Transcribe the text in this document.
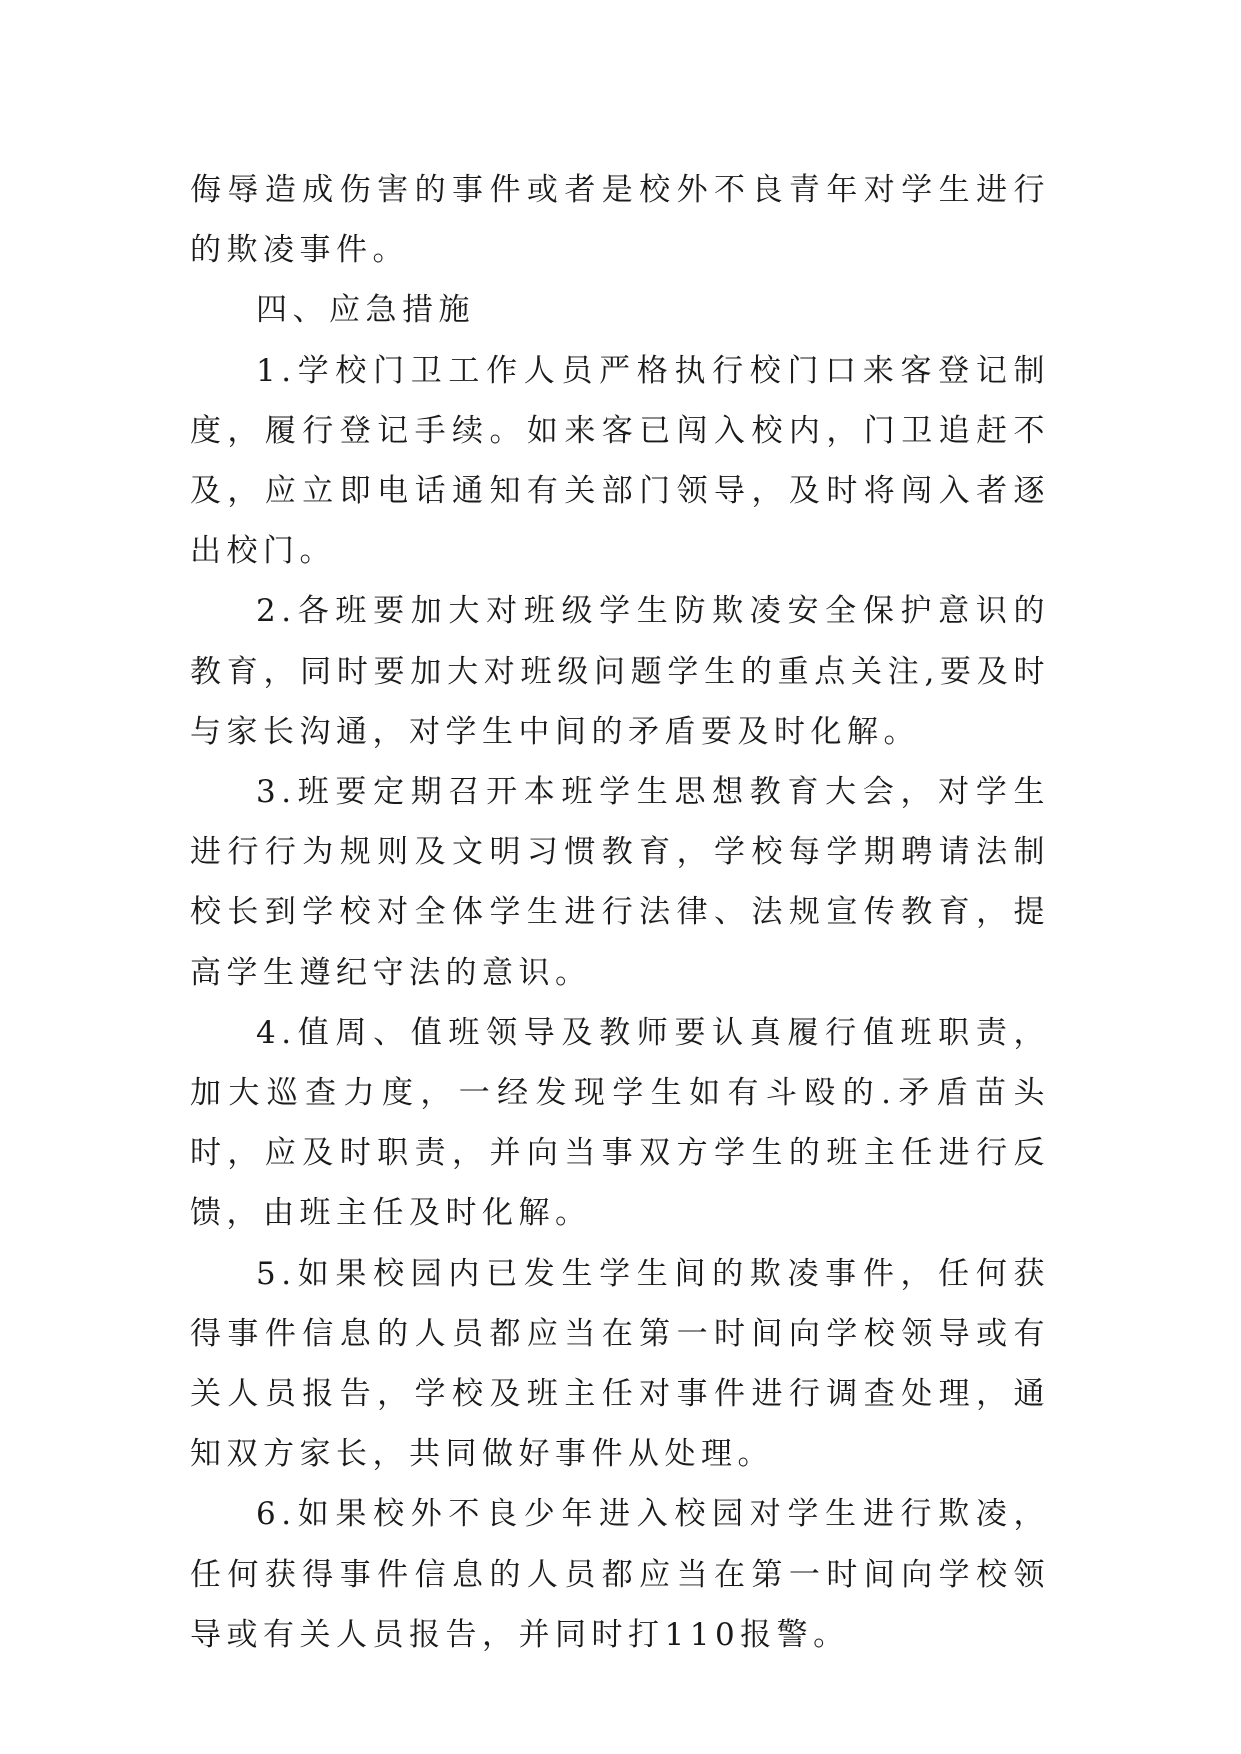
侮辱造成伤害的事件或者是校外不良青年对学生进行的欺凌事件。

四、应急措施

1.学校门卫工作人员严格执行校门口来客登记制度，履行登记手续。如来客已闯入校内，门卫追赶不及，应立即电话通知有关部门领导，及时将闯入者逐出校门。

2.各班要加大对班级学生防欺凌安全保护意识的教育，同时要加大对班级问题学生的重点关注,要及时与家长沟通，对学生中间的矛盾要及时化解。

3.班要定期召开本班学生思想教育大会，对学生进行行为规则及文明习惯教育，学校每学期聘请法制校长到学校对全体学生进行法律、法规宣传教育，提高学生遵纪守法的意识。

4.值周、值班领导及教师要认真履行值班职责，加大巡查力度，一经发现学生如有斗殴的.矛盾苗头时，应及时职责，并向当事双方学生的班主任进行反馈，由班主任及时化解。

5.如果校园内已发生学生间的欺凌事件，任何获得事件信息的人员都应当在第一时间向学校领导或有关人员报告，学校及班主任对事件进行调查处理，通知双方家长，共同做好事件从处理。

6.如果校外不良少年进入校园对学生进行欺凌，任何获得事件信息的人员都应当在第一时间向学校领导或有关人员报告，并同时打110报警。
